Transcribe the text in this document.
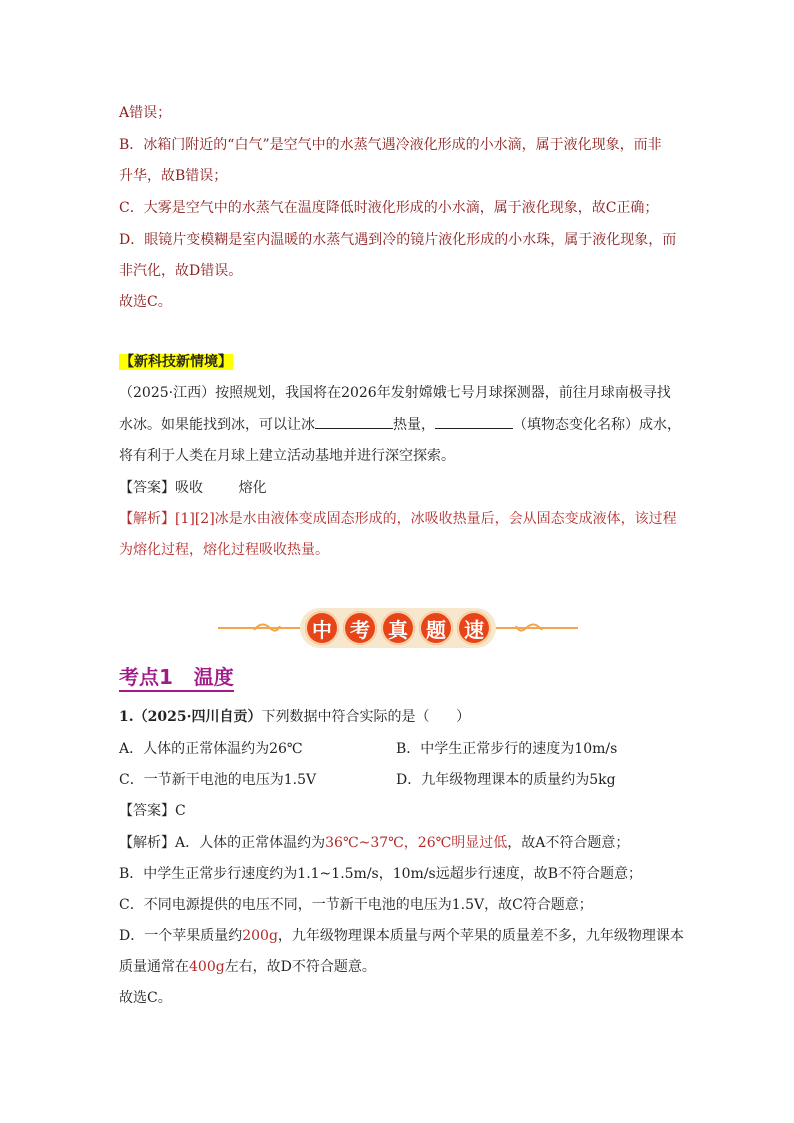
A错误；
B．冰箱门附近的“白气”是空气中的水蒸气遇冷液化形成的小水滴，属于液化现象，而非
升华，故B错误；
C．大雾是空气中的水蒸气在温度降低时液化形成的小水滴，属于液化现象，故C正确；
D．眼镜片变模糊是室内温暖的水蒸气遇到冷的镜片液化形成的小水珠，属于液化现象，而
非汽化，故D错误。
故选C。
【新科技新情境】
（2025·江西）按照规划，我国将在2026年发射嫦娥七号月球探测器，前往月球南极寻找
水冰。如果能找到冰，可以让冰	热量，	（填物态变化名称）成水，
将有利于人类在月球上建立活动基地并进行深空探索。
【答案】吸收        熔化
【解析】[1][2]冰是水由液体变成固态形成的，冰吸收热量后，会从固态变成液体，该过程
为熔化过程，熔化过程吸收热量。
中 考 真 题 速
考点1   温度
1.（2025·四川自贡）下列数据中符合实际的是（      ）
A．人体的正常体温约为26℃	B．中学生正常步行的速度为10m/s
C．一节新干电池的电压为1.5V	D．九年级物理课本的质量约为5kg
【答案】C
【解析】A．人体的正常体温约为36℃~37℃，26℃明显过低，故A不符合题意；
B．中学生正常步行速度约为1.1~1.5m/s，10m/s远超步行速度，故B不符合题意；
C．不同电源提供的电压不同，一节新干电池的电压为1.5V，故C符合题意；
D．一个苹果质量约200g，九年级物理课本质量与两个苹果的质量差不多，九年级物理课本
质量通常在400g左右，故D不符合题意。
故选C。
